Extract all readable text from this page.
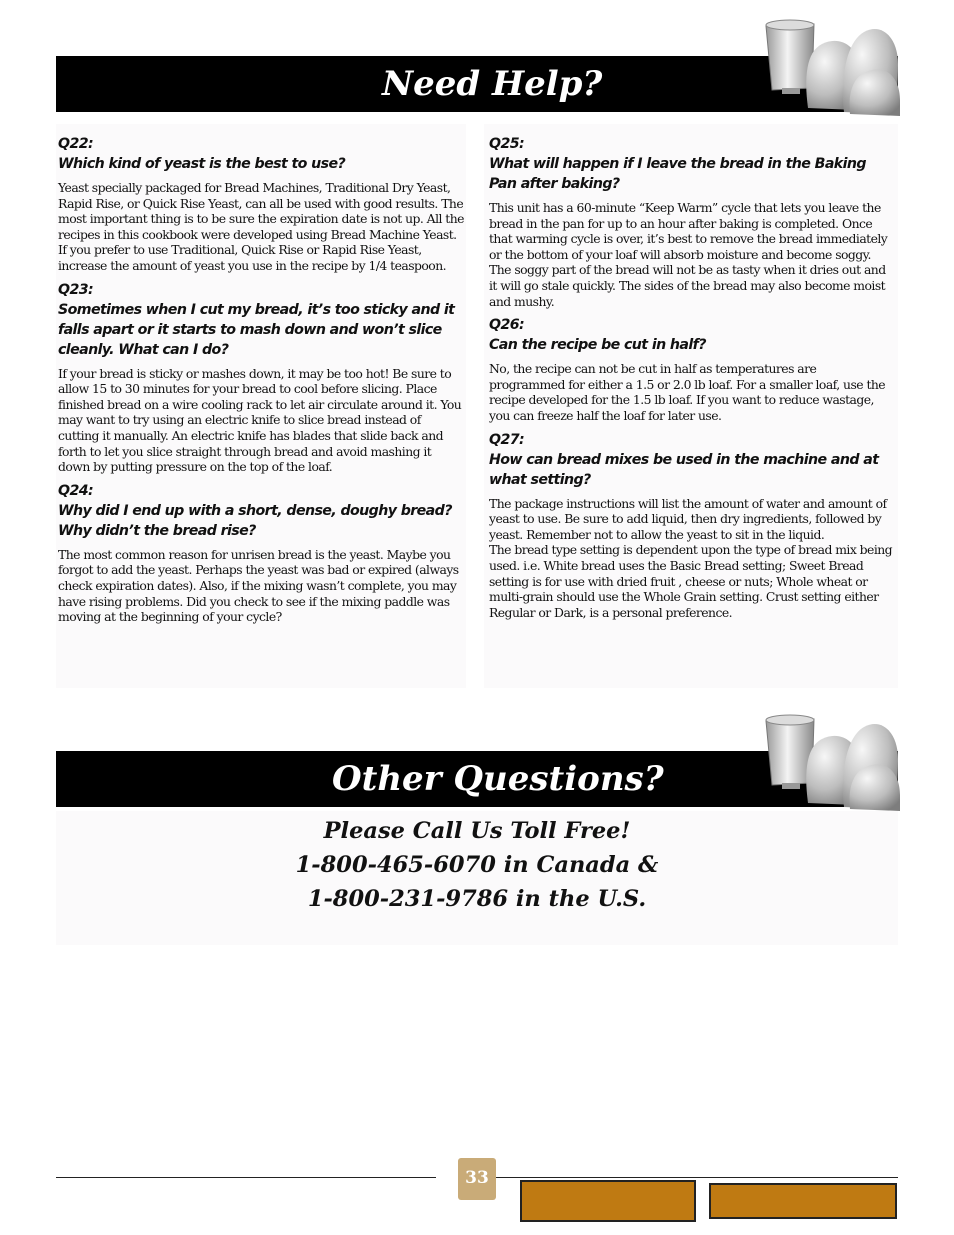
Need Help?

Q22:

Which kind of yeast is the best to use?

Yeast specially packaged for Bread Machines, Traditional Dry Yeast, Rapid Rise, or Quick Rise Yeast, can all be used with good results. The most important thing is to be sure the expiration date is not up. All the recipes in this cookbook were developed using Bread Machine Yeast. If you prefer to use Traditional, Quick Rise or Rapid Rise Yeast, increase the amount of yeast you use in the recipe by 1/4 teaspoon.

Q23:

Sometimes when I cut my bread, it’s too sticky and it falls apart or it starts to mash down and won’t slice cleanly. What can I do?

If your bread is sticky or mashes down, it may be too hot! Be sure to allow 15 to 30 minutes for your bread to cool before slicing. Place finished bread on a wire cooling rack to let air circulate around it. You may want to try using an electric knife to slice bread instead of cutting it manually. An electric knife has blades that slide back and forth to let you slice straight through bread and avoid mashing it down by putting pressure on the top of the loaf.

Q24:

Why did I end up with a short, dense, doughy bread? Why didn’t the bread rise?

The most common reason for unrisen bread is the yeast. Maybe you forgot to add the yeast. Perhaps the yeast was bad or expired (always check expiration dates). Also, if the mixing wasn’t complete, you may have rising problems. Did you check to see if the mixing paddle was moving at the beginning of your cycle?

Q25:

What will happen if I leave the bread in the Baking Pan after baking?

This unit has a 60-minute “Keep Warm” cycle that lets you leave the bread in the pan for up to an hour after baking is completed. Once that warming cycle is over, it’s best to remove the bread immediately or the bottom of your loaf will absorb moisture and become soggy. The soggy part of the bread will not be as tasty when it dries out and it will go stale quickly. The sides of the bread may also become moist and mushy.

Q26:

Can the recipe be cut in half?

No, the recipe can not be cut in half as temperatures are programmed for either a 1.5 or 2.0 lb loaf. For a smaller loaf, use the recipe developed for the 1.5 lb loaf. If you want to reduce wastage, you can freeze half the loaf for later use.

Q27:

How can bread mixes be used in the machine and at what setting?

The package instructions will list the amount of water and amount of yeast to use. Be sure to add liquid, then dry ingredients, followed by yeast. Remember not to allow the yeast to sit in the liquid.
The bread type setting is dependent upon the type of bread mix being used. i.e. White bread uses the Basic Bread setting; Sweet Bread setting is for use with dried fruit , cheese or nuts; Whole wheat or multi-grain should use the Whole Grain setting. Crust setting either Regular or Dark, is a personal preference.

Other Questions?
Please Call Us Toll Free!
1-800-465-6070 in Canada &
1-800-231-9786 in the U.S.
33
